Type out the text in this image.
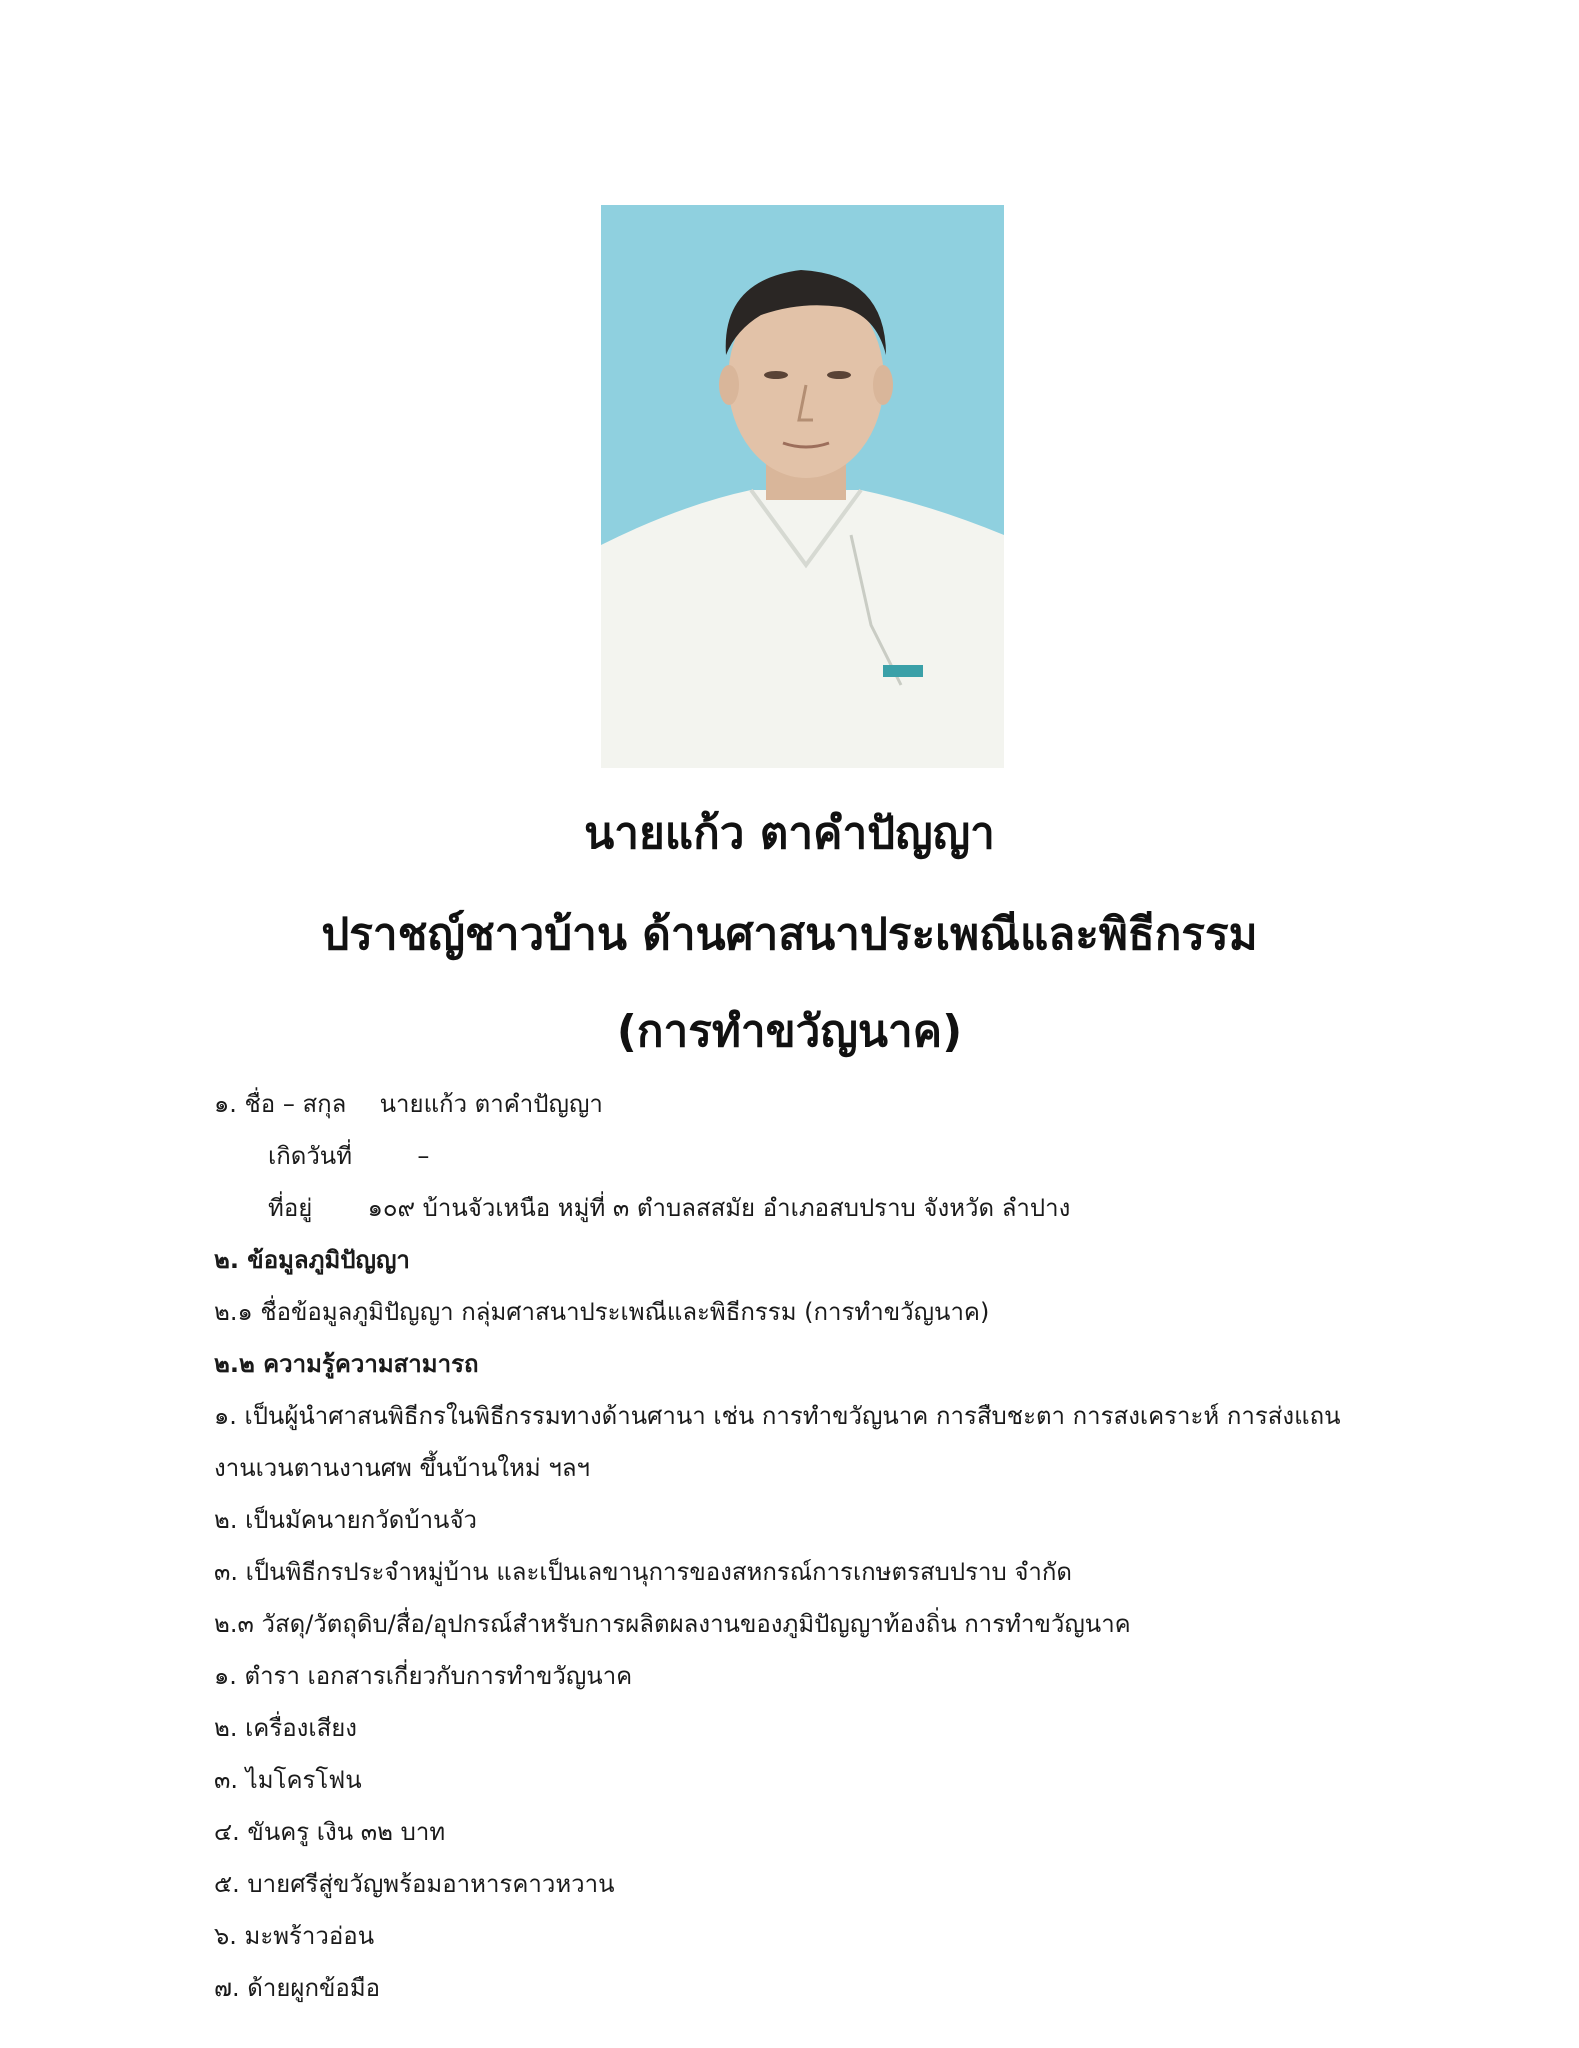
นายแก้ว ตาคำปัญญา
ปราชญ์ชาวบ้าน ด้านศาสนาประเพณีและพิธีกรรม
(การทำขวัญนาค)
๑. ชื่อ – สกุล นายแก้ว ตาคำปัญญา
เกิดวันที่	–
ที่อยู่ ๑๐๙ บ้านจัวเหนือ หมู่ที่ ๓ ตำบลสสมัย อำเภอสบปราบ จังหวัด ลำปาง
๒. ข้อมูลภูมิปัญญา
๒.๑ ชื่อข้อมูลภูมิปัญญา กลุ่มศาสนาประเพณีและพิธีกรรม (การทำขวัญนาค)
๒.๒ ความรู้ความสามารถ
๑. เป็นผู้นำศาสนพิธีกรในพิธีกรรมทางด้านศานา เช่น การทำขวัญนาค การสืบชะตา การสงเคราะห์ การส่งแถน
งานเวนตานงานศพ ขึ้นบ้านใหม่ ฯลฯ
๒. เป็นมัคนายกวัดบ้านจัว
๓. เป็นพิธีกรประจำหมู่บ้าน และเป็นเลขานุการของสหกรณ์การเกษตรสบปราบ จำกัด
๒.๓ วัสดุ/วัตถุดิบ/สื่อ/อุปกรณ์สำหรับการผลิตผลงานของภูมิปัญญาท้องถิ่น การทำขวัญนาค
๑. ตำรา เอกสารเกี่ยวกับการทำขวัญนาค
๒. เครื่องเสียง
๓. ไมโครโฟน
๔. ขันครู เงิน ๓๒ บาท
๕. บายศรีสู่ขวัญพร้อมอาหารคาวหวาน
๖. มะพร้าวอ่อน
๗. ด้ายผูกข้อมือ
